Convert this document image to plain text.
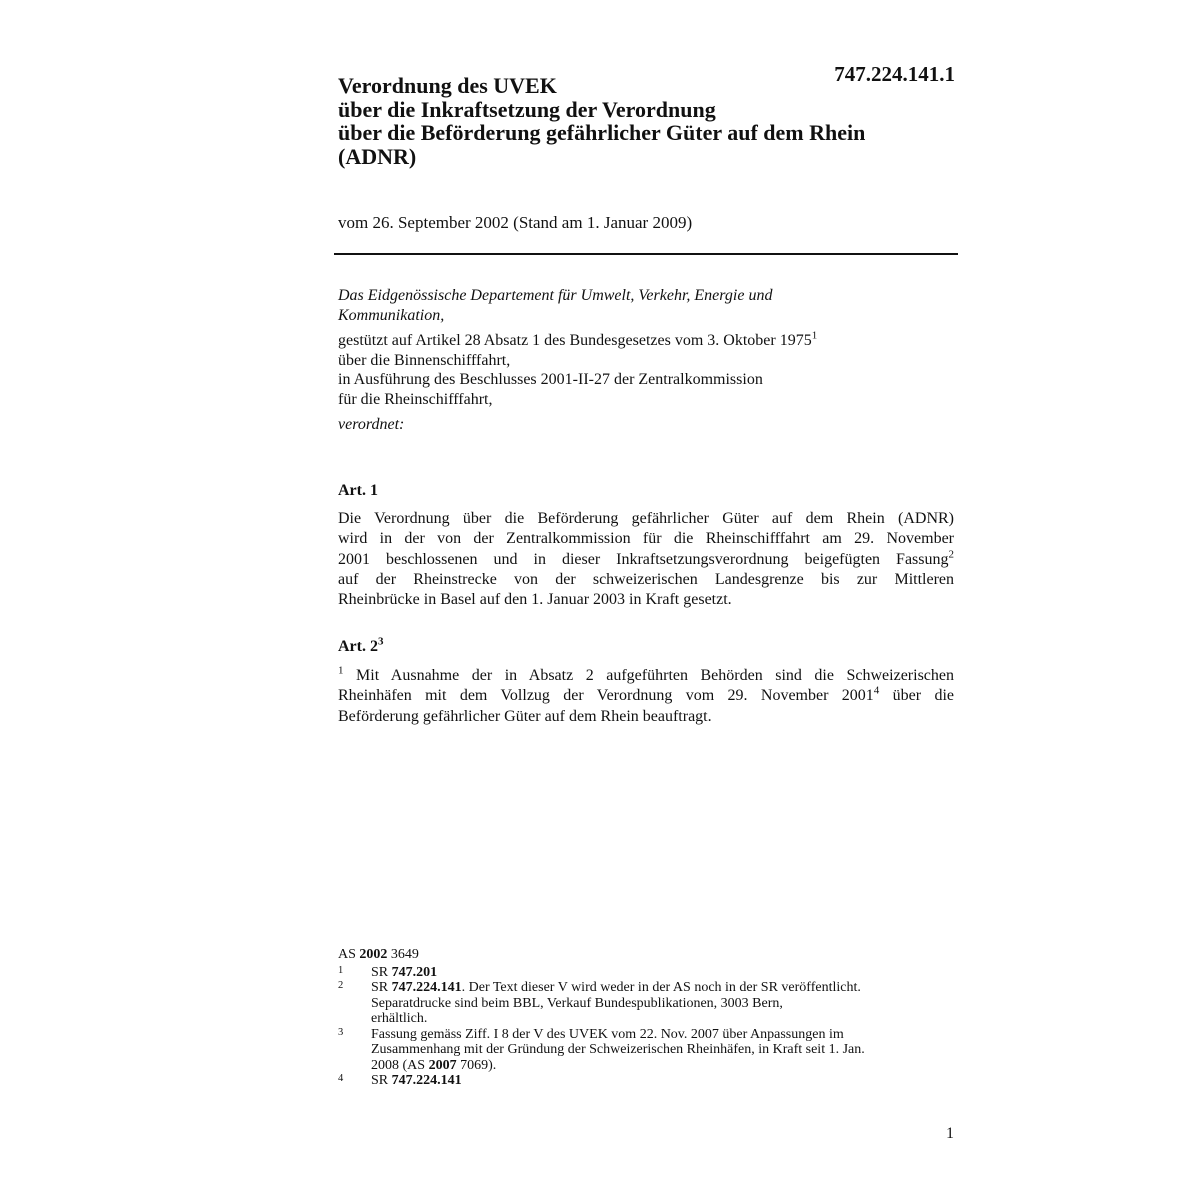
747.224.141.1
Verordnung des UVEK
über die Inkraftsetzung der Verordnung
über die Beförderung gefährlicher Güter auf dem Rhein
(ADNR)
vom 26. September 2002 (Stand am 1. Januar 2009)
Das Eidgenössische Departement für Umwelt, Verkehr, Energie und
Kommunikation,
gestützt auf Artikel 28 Absatz 1 des Bundesgesetzes vom 3. Oktober 1975$^1$
über die Binnenschifffahrt,
in Ausführung des Beschlusses 2001-II-27 der Zentralkommission
für die Rheinschifffahrt,
verordnet:
Art. 1
Die Verordnung über die Beförderung gefährlicher Güter auf dem Rhein (ADNR)
wird in der von der Zentralkommission für die Rheinschifffahrt am 29. November
2001 beschlossenen und in dieser Inkraftsetzungsverordnung beigefügten Fassung$^2$
auf der Rheinstrecke von der schweizerischen Landesgrenze bis zur Mittleren
Rheinbrücke in Basel auf den 1. Januar 2003 in Kraft gesetzt.
Art. $2^3$
$^1$ Mit Ausnahme der in Absatz 2 aufgeführten Behörden sind die Schweizerischen
Rheinhäfen mit dem Vollzug der Verordnung vom 29. November 2001$^4$ über die
Beförderung gefährlicher Güter auf dem Rhein beauftragt.
AS 2002 3649
1 SR 747.201
2 SR 747.224.141. Der Text dieser V wird weder in der AS noch in der SR veröffentlicht.
Separatdrucke sind beim BBL, Verkauf Bundespublikationen, 3003 Bern,
erhältlich.
3 Fassung gemäss Ziff. I 8 der V des UVEK vom 22. Nov. 2007 über Anpassungen im
Zusammenhang mit der Gründung der Schweizerischen Rheinhäfen, in Kraft seit 1. Jan.
2008 (AS 2007 7069).
4 SR 747.224.141
1
